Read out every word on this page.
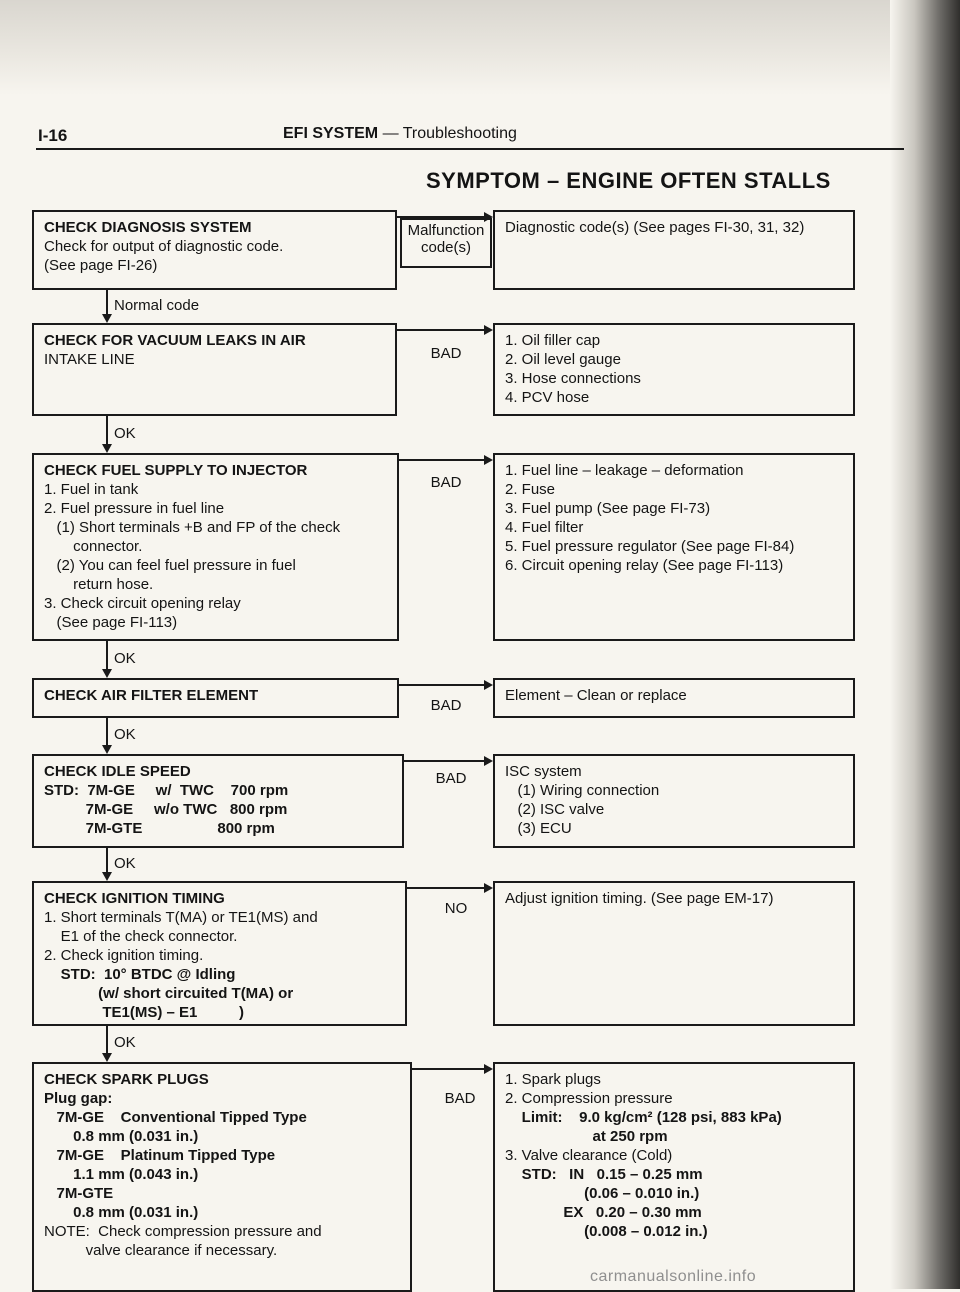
I-16	EFI SYSTEM — Troubleshooting
SYMPTOM – ENGINE OFTEN STALLS
CHECK DIAGNOSIS SYSTEM
Check for output of diagnostic code.
(See page FI-26)
Malfunction
code(s)
Diagnostic code(s) (See pages FI-30, 31, 32)
Normal code
CHECK FOR VACUUM LEAKS IN AIR
INTAKE LINE	BAD
1. Oil filler cap
2. Oil level gauge
3. Hose connections
4. PCV hose
OK
CHECK FUEL SUPPLY TO INJECTOR
1. Fuel in tank
2. Fuel pressure in fuel line
(1) Short terminals +B and FP of the check
connector.
(2) You can feel fuel pressure in fuel
return hose.
3. Check circuit opening relay
(See page FI-113)
BAD
1. Fuel line – leakage – deformation
2. Fuse
3. Fuel pump (See page FI-73)
4. Fuel filter
5. Fuel pressure regulator (See page FI-84)
6. Circuit opening relay (See page FI-113)
OK
CHECK AIR FILTER ELEMENT
BAD
Element – Clean or replace
OK
CHECK IDLE SPEED
STD:  7M-GE     w/  TWC    700 rpm
7M-GE     w/o TWC   800 rpm
7M-GTE                  800 rpm
BAD	ISC system
(1) Wiring connection
(2) ISC valve
(3) ECU
OK
CHECK IGNITION TIMING
1. Short terminals T(MA) or TE1(MS) and
E1 of the check connector.
2. Check ignition timing.
STD:  10° BTDC @ Idling
(w/ short circuited T(MA) or
TE1(MS) – E1          )
NO
Adjust ignition timing. (See page EM-17)
OK
CHECK SPARK PLUGS
Plug gap:
7M-GE    Conventional Tipped Type
0.8 mm (0.031 in.)
7M-GE    Platinum Tipped Type
1.1 mm (0.043 in.)
7M-GTE
0.8 mm (0.031 in.)
NOTE:  Check compression pressure and
valve clearance if necessary.
BAD
1. Spark plugs
2. Compression pressure
Limit:    9.0 kg/cm² (128 psi, 883 kPa)
at 250 rpm
3. Valve clearance (Cold)
STD:   IN   0.15 – 0.25 mm
(0.06 – 0.010 in.)
EX   0.20 – 0.30 mm
(0.008 – 0.012 in.)
carmanualsonline.info
